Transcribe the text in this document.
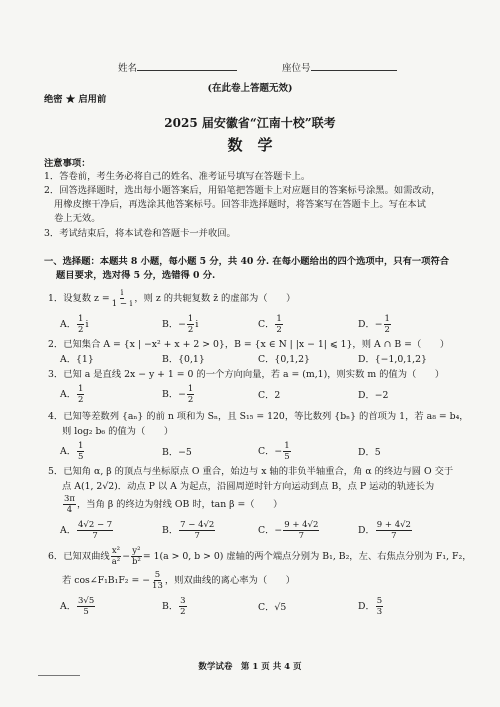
姓名	座位号
(在此卷上答题无效)
绝密 ★ 启用前
2025 届安徽省“江南十校”联考
数　学
注意事项：
1．答卷前，考生务必将自己的姓名、准考证号填写在答题卡上。
2．回答选择题时，选出每小题答案后，用铅笔把答题卡上对应题目的答案标号涂黑。如需改动，
用橡皮擦干净后，再选涂其他答案标号。回答非选择题时，将答案写在答题卡上。写在本试
卷上无效。
3．考试结束后，将本试卷和答题卡一并收回。
一、选择题：本题共 8 小题，每小题 5 分，共 40 分. 在每小题给出的四个选项中，只有一项符合
题目要求，选对得 5 分，选错得 0 分.
1．设复数 $z = \frac{i}{1 - i}$ ，则 z 的共轭复数 z̄ 的虚部为（　　）
A． $\frac{1}{2}$ i	B．− $\frac{1}{2}$ i	C． $\frac{1}{2}$	D．− $\frac{1}{2}$
2．已知集合 A = {x | −x² + x + 2 > 0}，B = {x ∈ N | |x − 1| ⩽ 1}，则 A ∩ B =（　　）
A．{1}	B．{0,1}	C．{0,1,2}	D．{−1,0,1,2}
3．已知 a 是直线 2x − y + 1 = 0 的一个方向向量，若 a = (m,1)，则实数 m 的值为（　　）
A． $\frac{1}{2}$	B．− $\frac{1}{2}$	C．2	D．−2
4．已知等差数列 {aₙ} 的前 n 项和为 Sₙ，且 S₁₅ = 120，等比数列 {bₙ} 的首项为 1，若 a₈ = b₄，
则 log₂ b₆ 的值为（　　）
A． $\frac{1}{5}$	B．−5	C．− $\frac{1}{5}$	D．5
5．已知角 α, β 的顶点与坐标原点 O 重合，始边与 x 轴的非负半轴重合，角 α 的终边与圆 O 交于
点 A(1, 2√2)．动点 P 以 A 为起点，沿圆周逆时针方向运动到点 B，点 P 运动的轨迹长为
$\frac{3\pi}{4}$ ，当角 β 的终边为射线 OB 时，tan β =（　　）
A． $\frac{4√2 - 7}{7}$	B． $\frac{7 - 4√2}{7}$	C．− $\frac{9 + 4√2}{7}$	D． $\frac{9 + 4√2}{7}$
6．已知双曲线 $\frac{\text{x²}}{\text{a²}} - \frac{\text{y²}}{\text{b²}} = 1(a > 0$, b > 0) 虚轴的两个端点分别为 B₁, B₂，左、右焦点分别为 F₁, F₂，
若 cos∠F₁B₁F₂ = − $\frac{5}{13}$ ，则双曲线的离心率为（　　）
A． $\frac{3√5}{5}$	B． $\frac{3}{2}$	C．√5	D． $\frac{5}{3}$
数学试卷　第 1 页 共 4 页
